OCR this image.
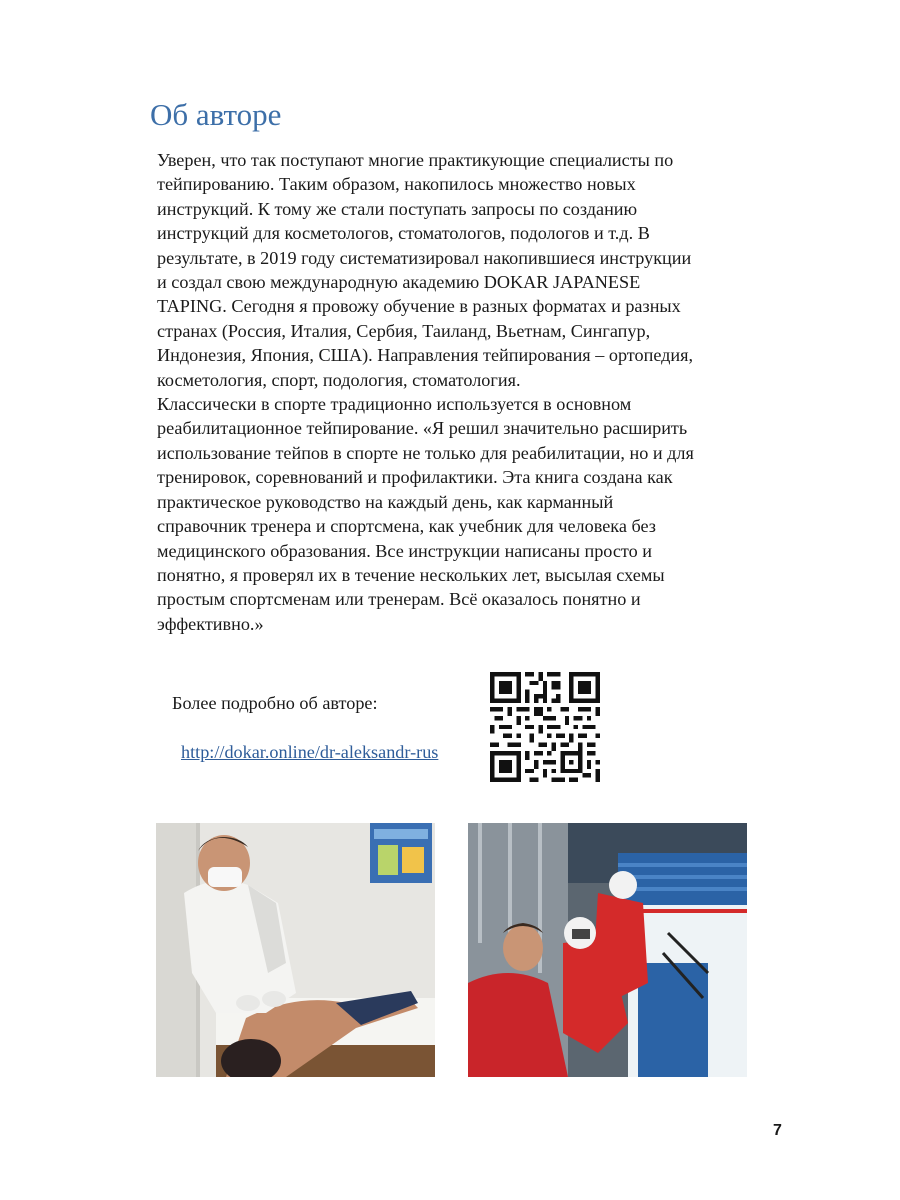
Об авторе
Уверен, что так поступают многие практикующие специалисты по
тейпированию. Таким образом, накопилось множество новых
инструкций. К тому же стали поступать запросы по созданию
инструкций для косметологов, стоматологов, подологов и т.д. В
результате, в 2019 году систематизировал накопившиеся инструкции
и создал свою международную академию DOKAR JAPANESE
TAPING. Сегодня я провожу обучение в разных форматах и разных
странах (Россия, Италия, Сербия, Таиланд, Вьетнам, Сингапур,
Индонезия, Япония, США). Направления тейпирования – ортопедия,
косметология, спорт, подология, стоматология.
Классически в спорте традиционно используется в основном
реабилитационное тейпирование. «Я решил значительно расширить
использование тейпов в спорте не только для реабилитации, но и для
тренировок, соревнований и профилактики. Эта книга создана как
практическое руководство на каждый день, как карманный
справочник тренера и спортсмена, как учебник для человека без
медицинского образования. Все инструкции написаны просто и
понятно, я проверял их в течение нескольких лет, высылая схемы
простым спортсменам или тренерам. Всё оказалось понятно и
эффективно.»
Более подробно об авторе:
http://dokar.online/dr-aleksandr-rus
7
